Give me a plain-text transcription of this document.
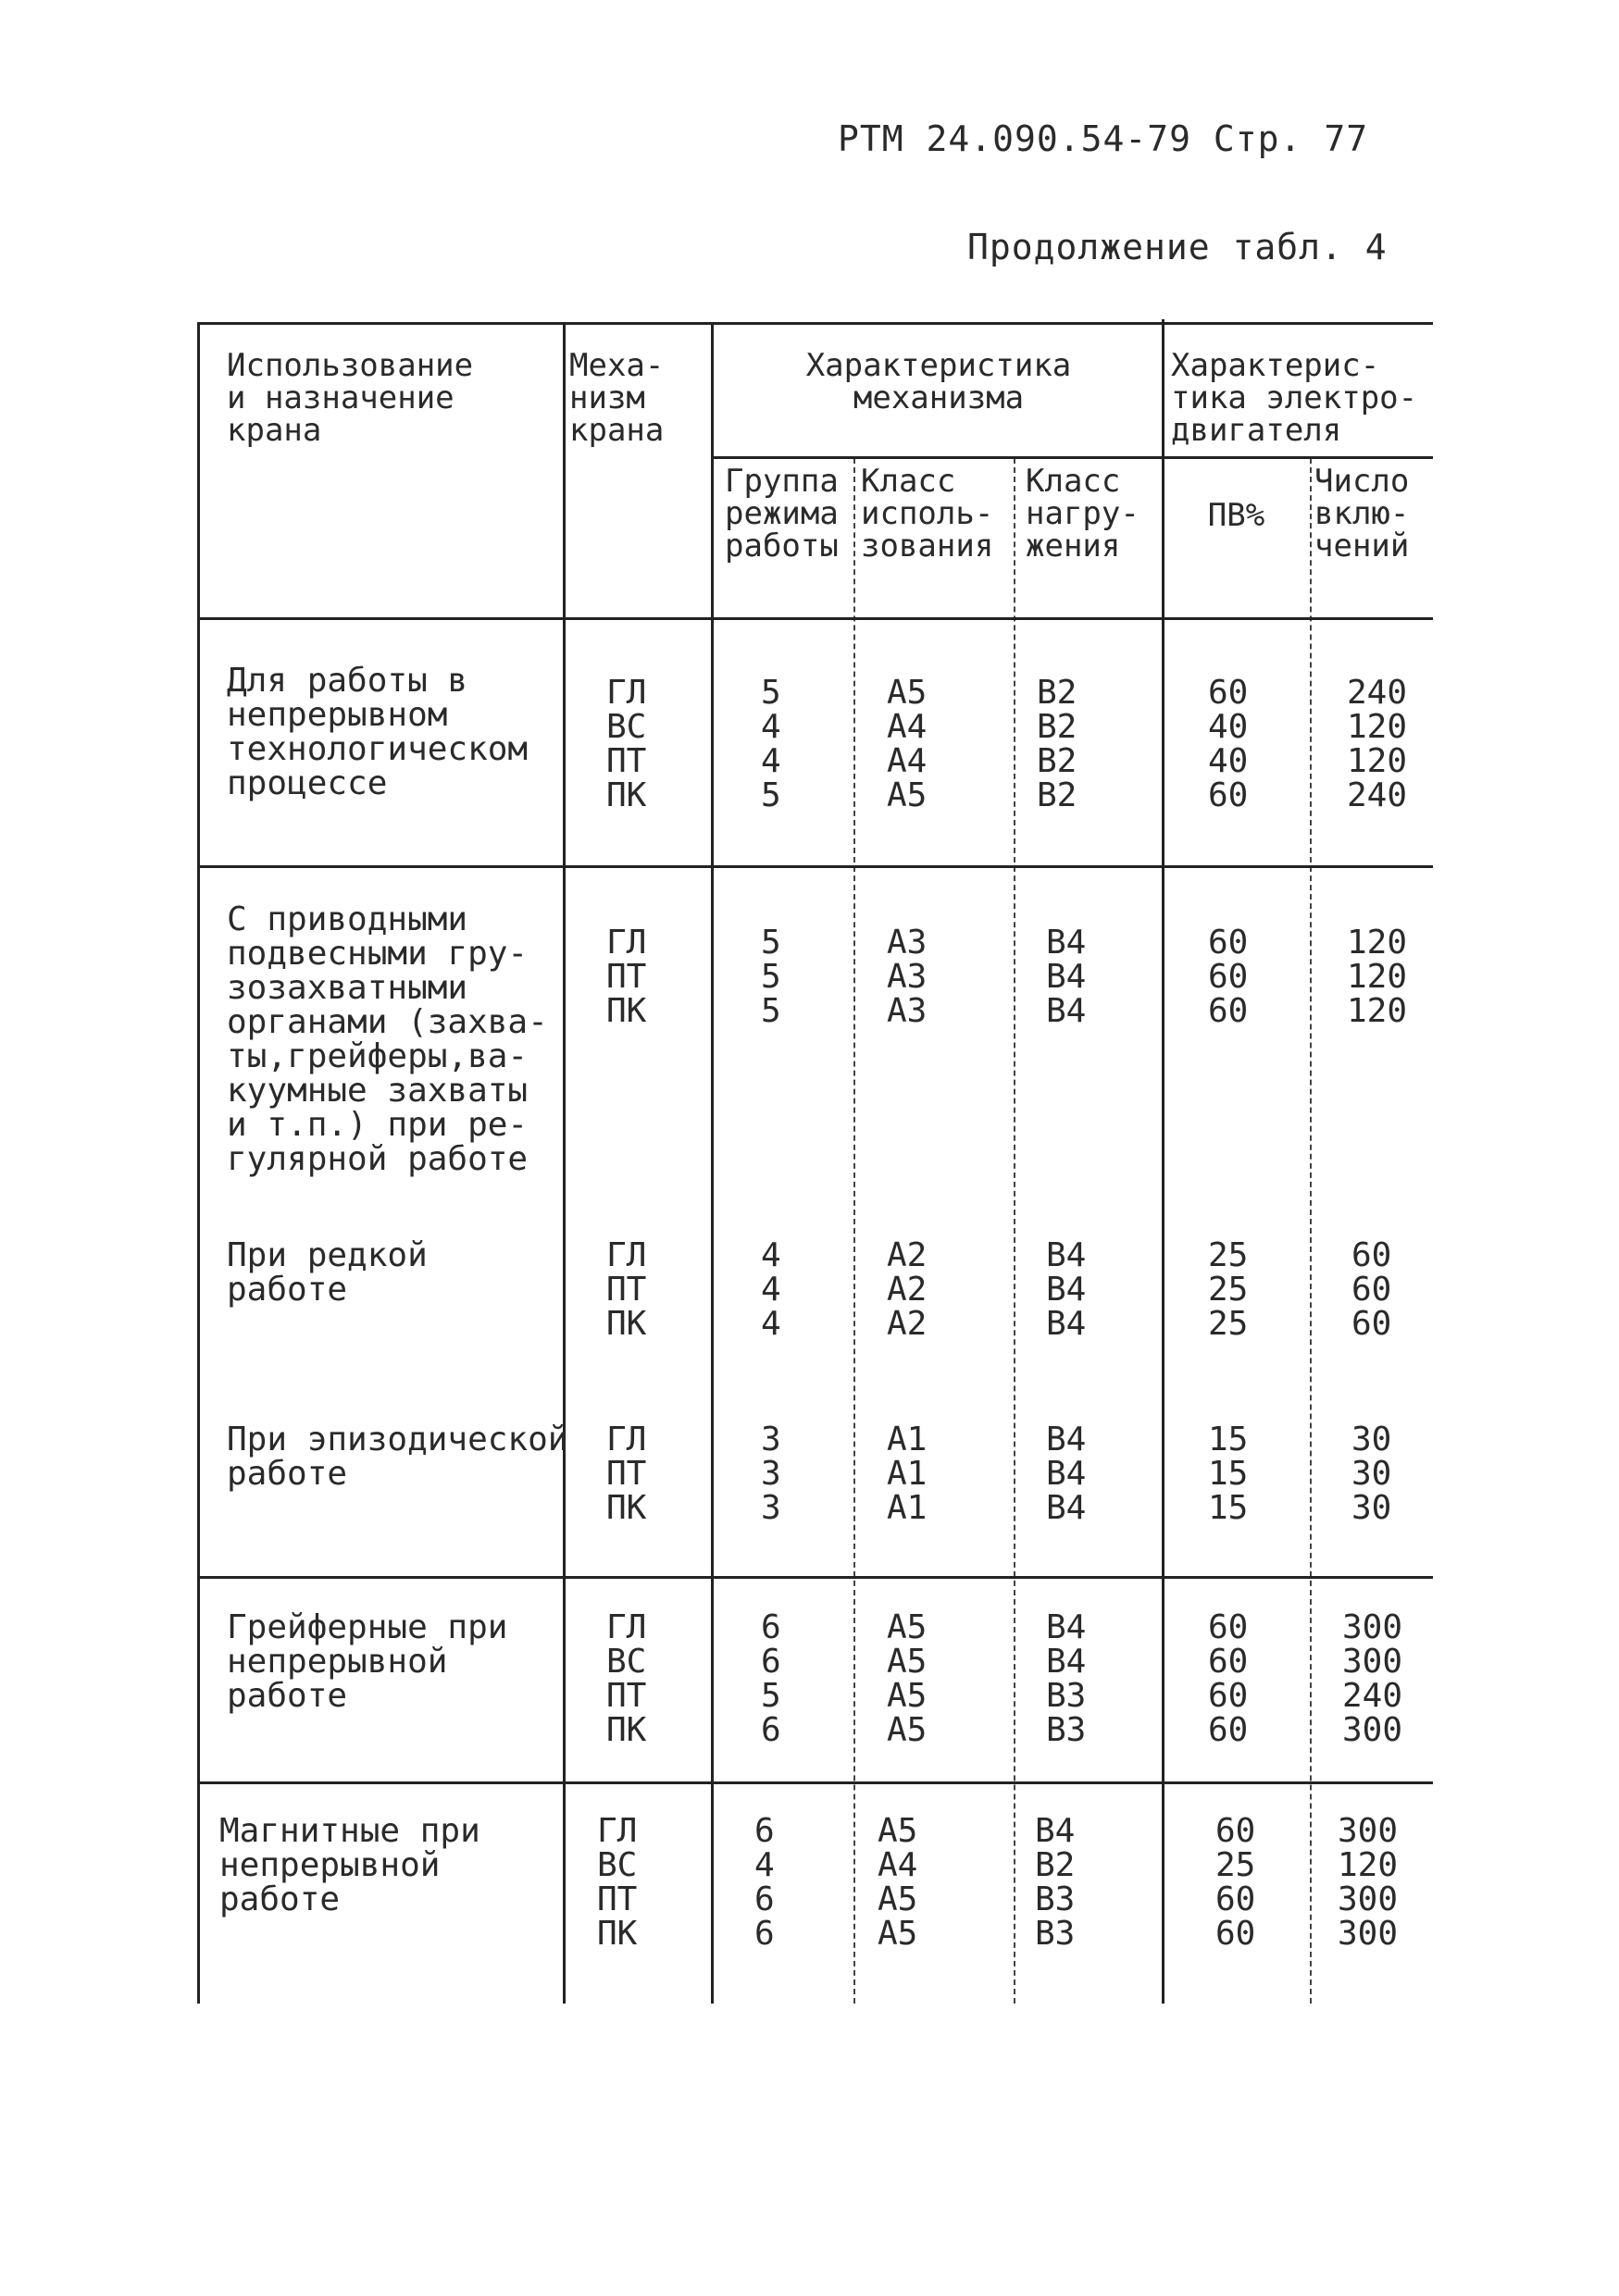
РТМ 24.090.54-79 Стр. 77
Продолжение табл. 4
Использование
и назначение
крана
Меха-
низм
крана
Характеристика
механизма
Характерис-
тика электро-
двигателя
Группа
режима
работы
Класс
исполь-
зования
Класс
нагру-
жения
ПВ%
Число
вклю-
чений
Для работы в
непрерывном
технологическом
процессе
ГЛ
ВС
ПТ
ПК
5
4
4
5
А5
А4
А4
А5
В2
В2
В2
В2
60
40
40
60
240
120
120
240
С приводными
подвесными гру-
зозахватными
органами (захва-
ты,грейферы,ва-
куумные захваты
и т.п.) при ре-
гулярной работе
ГЛ
ПТ
ПК
5
5
5
А3
А3
А3
В4
В4
В4
60
60
60
120
120
120
При редкой
работе
ГЛ
ПТ
ПК
4
4
4
А2
А2
А2
В4
В4
В4
25
25
25
60
60
60
При эпизодической
работе
ГЛ
ПТ
ПК
3
3
3
А1
А1
А1
В4
В4
В4
15
15
15
30
30
30
Грейферные при
непрерывной
работе
ГЛ
ВС
ПТ
ПК
6
6
5
6
А5
А5
А5
А5
В4
В4
В3
В3
60
60
60
60
300
300
240
300
Магнитные при
непрерывной
работе
ГЛ
ВС
ПТ
ПК
6
4
6
6
А5
А4
А5
А5
В4
В2
В3
В3
60
25
60
60
300
120
300
300
